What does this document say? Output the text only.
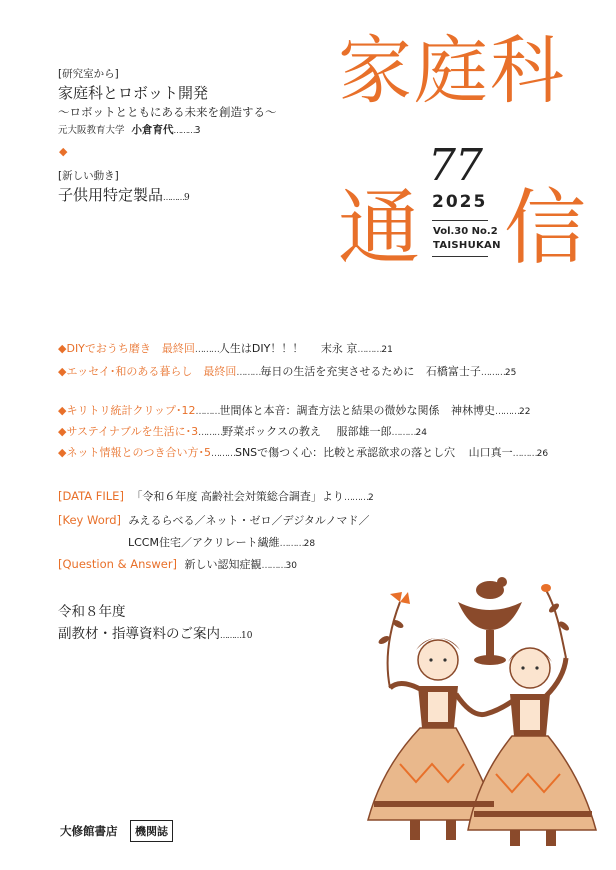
家庭科
通 信
77
2025
Vol.30 No.2
TAISHUKAN
[研究室から]
家庭科とロボット開発
〜ロボットとともにある未来を創造する〜
元大阪教育大学 小倉育代………3
◆
[新しい動き]
子供用特定製品………9
◆DIYでおうち磨き　最終回………人生はDIY！！！ 末永 京………21
◆エッセイ･和のある暮らし　最終回………毎日の生活を充実させるために 石橋富士子………25
◆キリトリ統計クリップ･12………世間体と本音：調査方法と結果の微妙な関係 神林博史………22
◆サステイナブルを生活に･3………野菜ボックスの教え 服部雄一郎………24
◆ネット情報とのつき合い方･5………SNSで傷つく心：比較と承認欲求の落とし穴 山口真一………26
[DATA FILE] 「令和６年度 高齢社会対策総合調査」より………2
[Key Word] みえるらべる／ネット・ゼロ／デジタルノマド／
LCCM住宅／アクリレート繊維………28
[Question & Answer] 新しい認知症観………30
令和８年度
副教材・指導資料のご案内………10
大修館書店	機関誌
